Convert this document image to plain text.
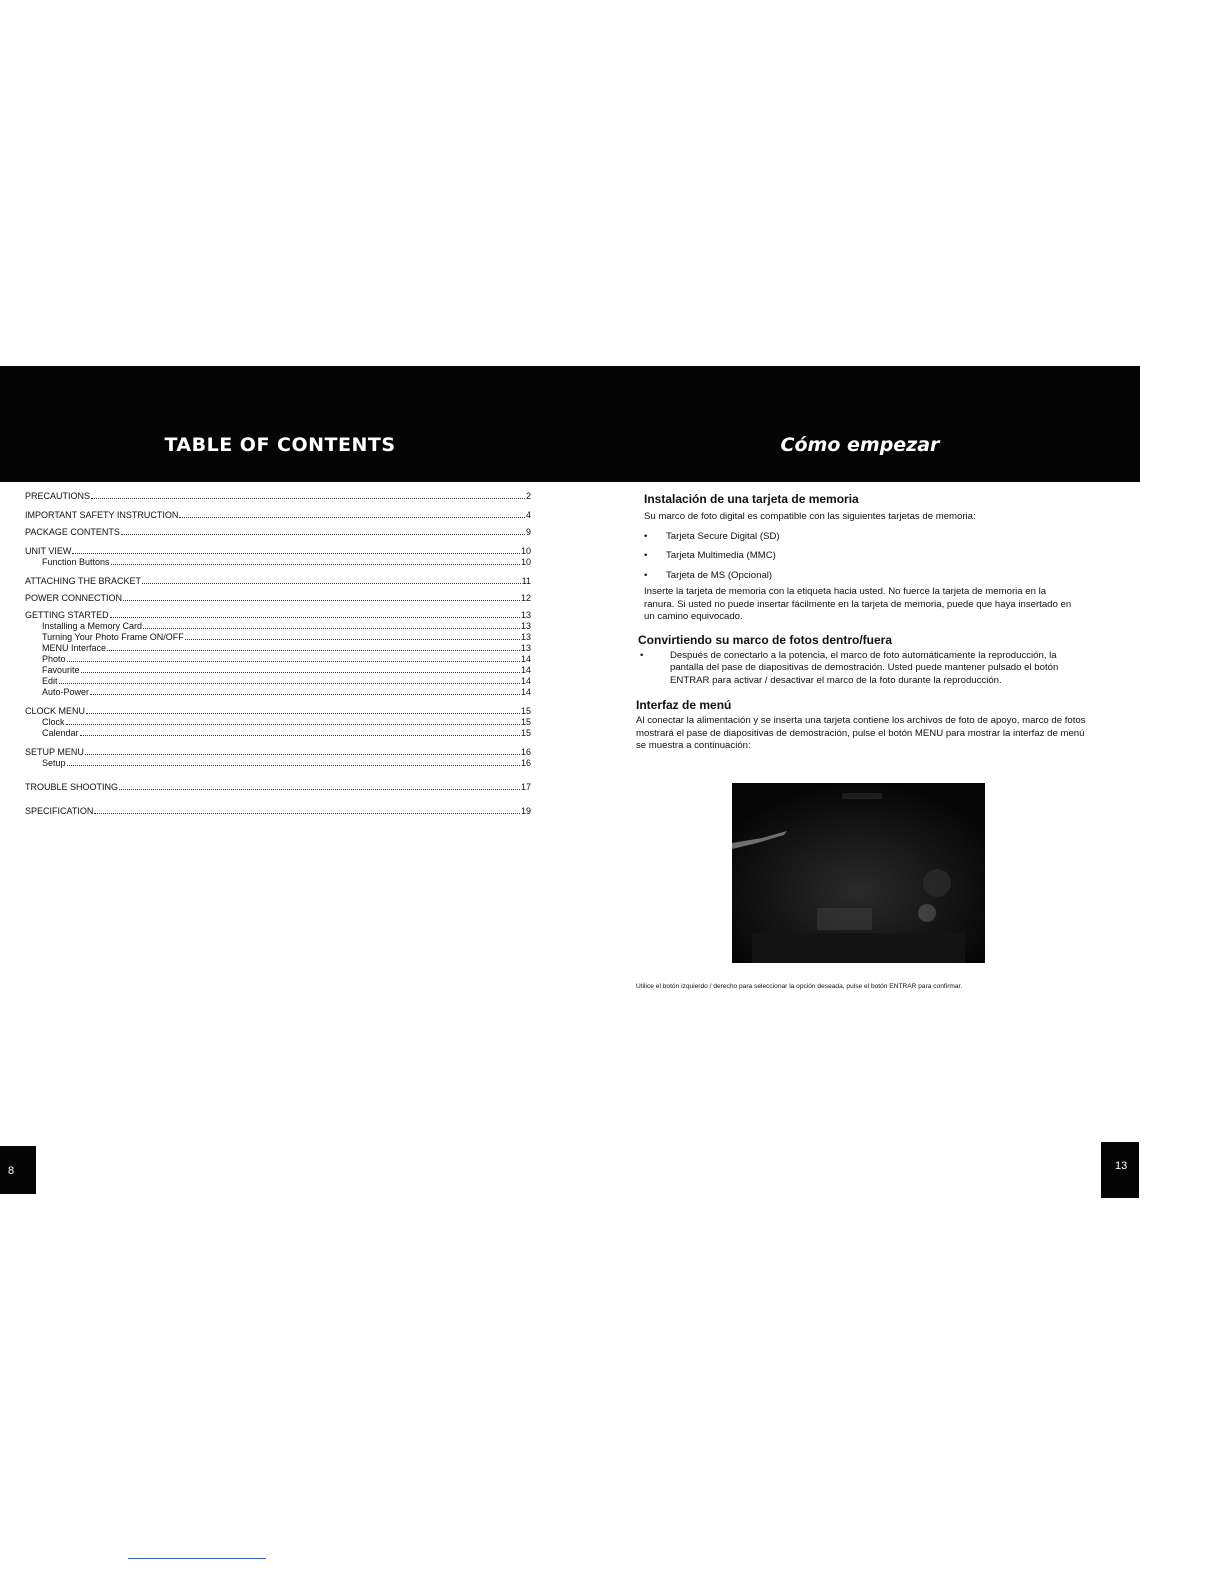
TABLE OF CONTENTS	Cómo empezar
PRECAUTIONS	2
IMPORTANT SAFETY INSTRUCTION	4
PACKAGE CONTENTS	9
UNIT VIEW	10
Function Buttons	10
ATTACHING THE BRACKET	11
POWER CONNECTION	12
GETTING STARTED	13
Installing a Memory Card	13
Turning Your Photo Frame ON/OFF	13
MENU Interface	13
Photo	14
Favourite	14
Edit	14
Auto-Power	14
CLOCK MENU	15
Clock	15
Calendar	15
SETUP MENU	16
Setup	16
TROUBLE SHOOTING	17
SPECIFICATION	19
Instalación de una tarjeta de memoria

Su marco de foto digital es compatible con las siguientes tarjetas de memoria:

•	Tarjeta Secure Digital (SD)
•	Tarjeta Multimedia (MMC)
•	Tarjeta de MS (Opcional)

Inserte la tarjeta de memoria con la etiqueta hacia usted. No fuerce la tarjeta de memoria en la ranura. Si usted no puede insertar fácilmente en la tarjeta de memoria, puede que haya insertado en un camino equivocado.

Convirtiendo su marco de fotos dentro/fuera
•	Después de conectarlo a la potencia, el marco de foto automáticamente la reproducción, la pantalla del pase de diapositivas de demostración. Usted puede mantener pulsado el botón ENTRAR para activar / desactivar el marco de la foto durante la reproducción.
Interfaz de menú

Al conectar la alimentación y se inserta una tarjeta contiene los archivos de foto de apoyo, marco de fotos mostrará el pase de diapositivas de demostración, pulse el botón MENU para mostrar la interfaz de menú se muestra a continuación:

Utilice el botón izquierdo / derecho para seleccionar la opción deseada, pulse el botón ENTRAR para confirmar.
8	13
